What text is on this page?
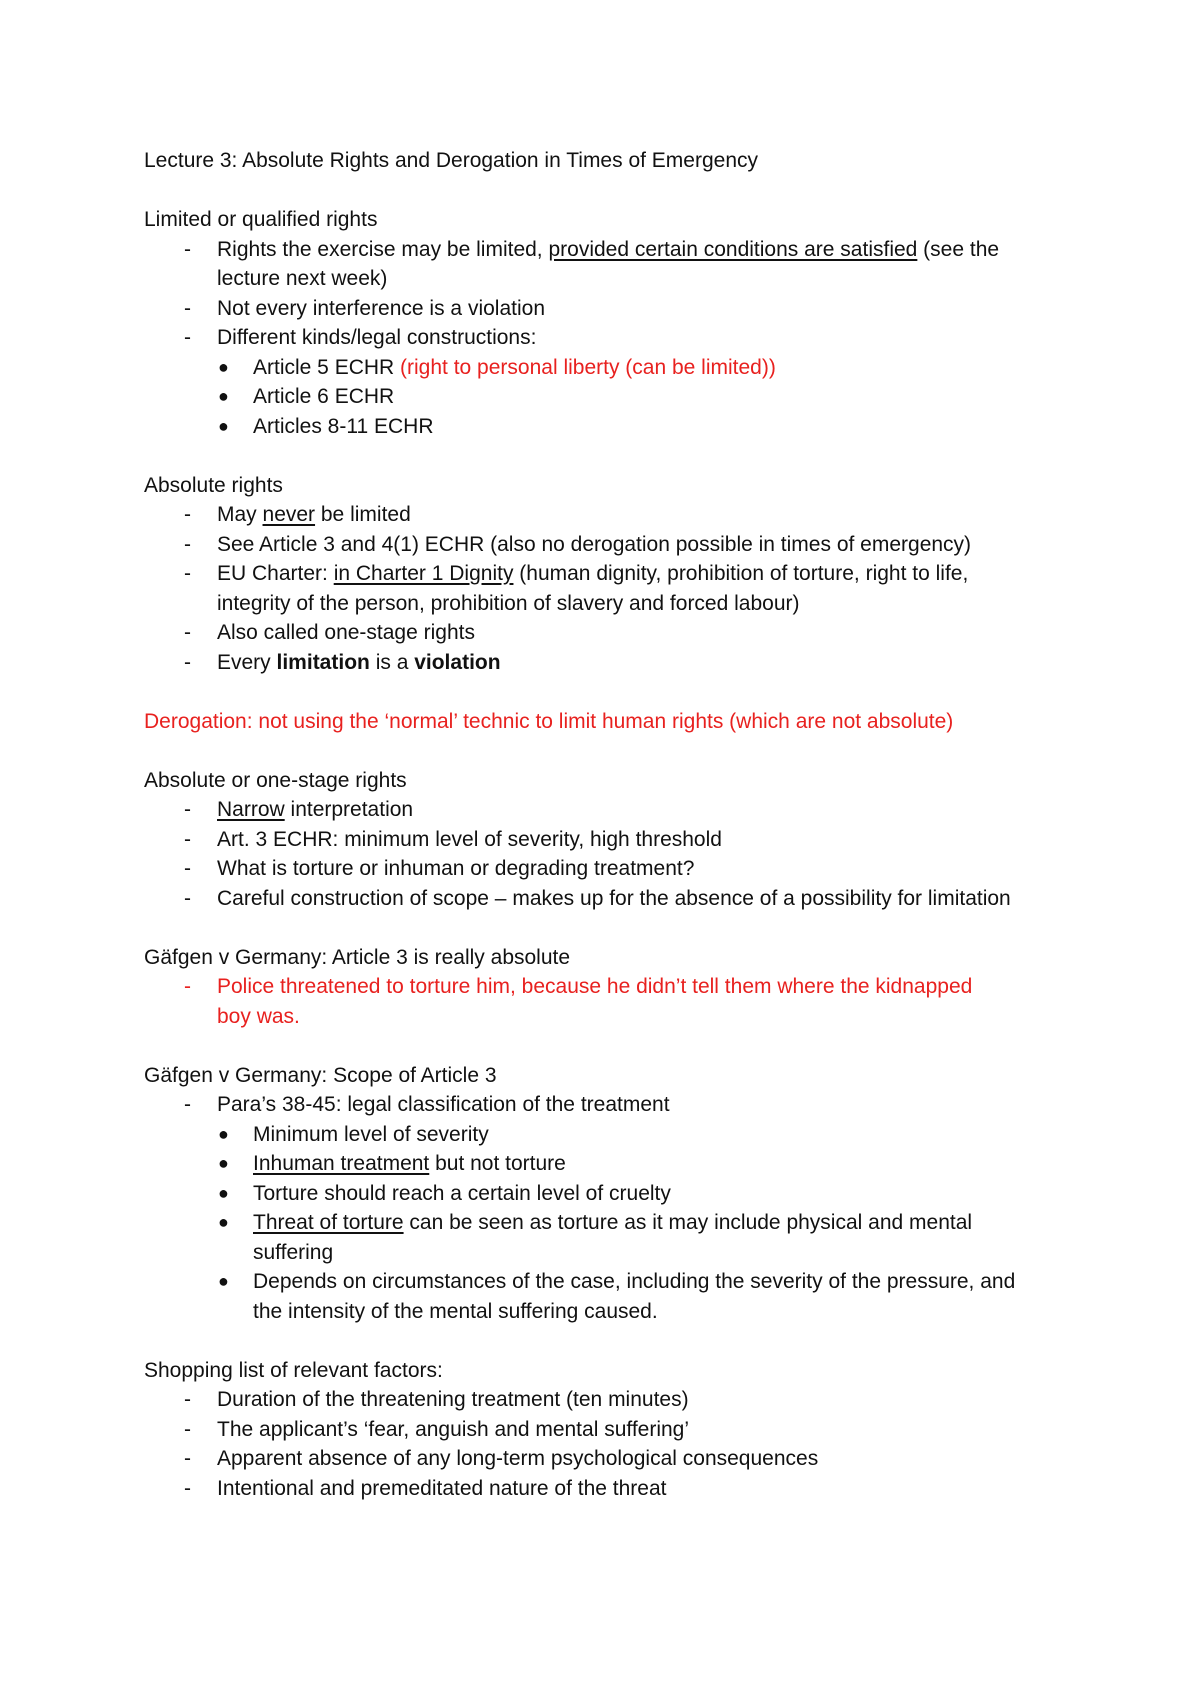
Lecture 3: Absolute Rights and Derogation in Times of Emergency
Limited or qualified rights
- Rights the exercise may be limited, provided certain conditions are satisfied (see the
lecture next week)
- Not every interference is a violation
- Different kinds/legal constructions:
● Article 5 ECHR (right to personal liberty (can be limited))
● Article 6 ECHR
● Articles 8-11 ECHR
Absolute rights
- May never be limited
- See Article 3 and 4(1) ECHR (also no derogation possible in times of emergency)
- EU Charter: in Charter 1 Dignity (human dignity, prohibition of torture, right to life,
integrity of the person, prohibition of slavery and forced labour)
- Also called one-stage rights
- Every limitation is a violation
Derogation: not using the ‘normal’ technic to limit human rights (which are not absolute)
Absolute or one-stage rights
- Narrow interpretation
- Art. 3 ECHR: minimum level of severity, high threshold
- What is torture or inhuman or degrading treatment?
- Careful construction of scope – makes up for the absence of a possibility for limitation
Gäfgen v Germany: Article 3 is really absolute
- Police threatened to torture him, because he didn’t tell them where the kidnapped
boy was.
Gäfgen v Germany: Scope of Article 3
- Para’s 38-45: legal classification of the treatment
● Minimum level of severity
● Inhuman treatment but not torture
● Torture should reach a certain level of cruelty
● Threat of torture can be seen as torture as it may include physical and mental
suffering
● Depends on circumstances of the case, including the severity of the pressure, and
the intensity of the mental suffering caused.
Shopping list of relevant factors:
- Duration of the threatening treatment (ten minutes)
- The applicant’s ‘fear, anguish and mental suffering’
- Apparent absence of any long-term psychological consequences
- Intentional and premeditated nature of the threat
